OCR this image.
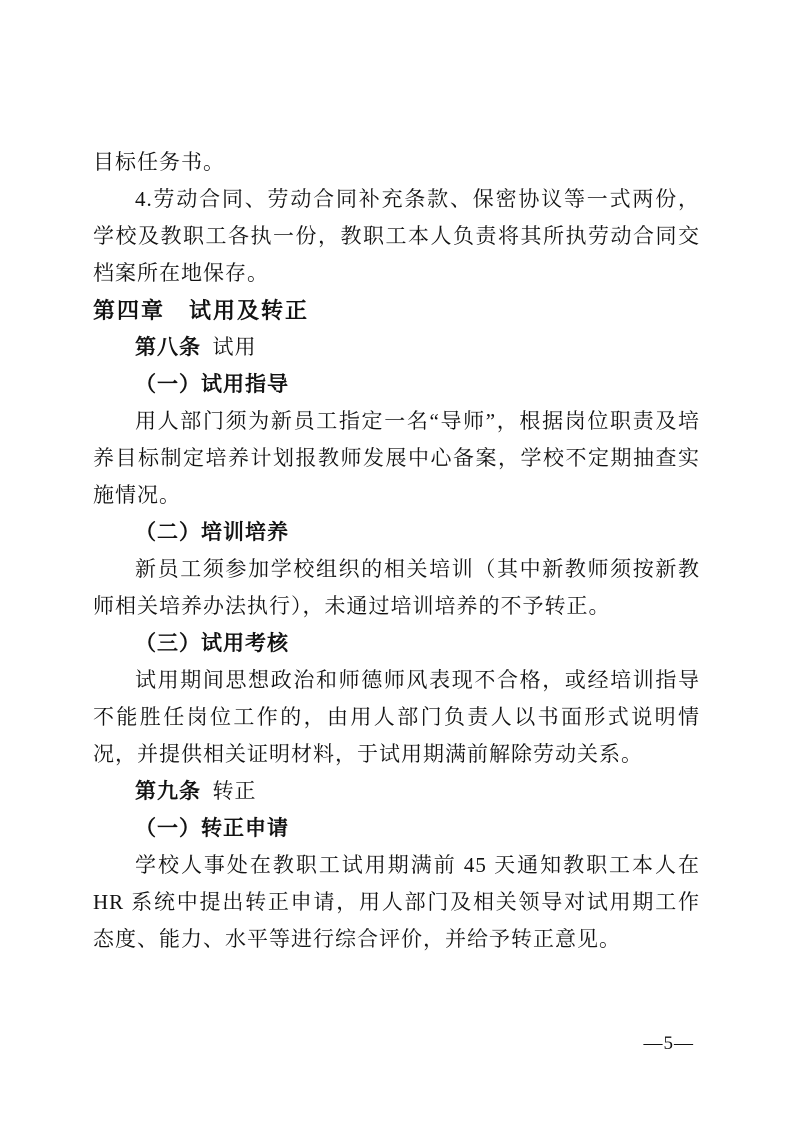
目标任务书。

4.劳动合同、劳动合同补充条款、保密协议等一式两份，学校及教职工各执一份，教职工本人负责将其所执劳动合同交档案所在地保存。

第四章　试用及转正

第八条 试用

（一）试用指导

用人部门须为新员工指定一名“导师”，根据岗位职责及培养目标制定培养计划报教师发展中心备案，学校不定期抽查实施情况。

（二）培训培养

新员工须参加学校组织的相关培训（其中新教师须按新教师相关培养办法执行），未通过培训培养的不予转正。

（三）试用考核

试用期间思想政治和师德师风表现不合格，或经培训指导不能胜任岗位工作的，由用人部门负责人以书面形式说明情况，并提供相关证明材料，于试用期满前解除劳动关系。

第九条 转正

（一）转正申请

学校人事处在教职工试用期满前 45 天通知教职工本人在 HR 系统中提出转正申请，用人部门及相关领导对试用期工作态度、能力、水平等进行综合评价，并给予转正意见。

—5—
